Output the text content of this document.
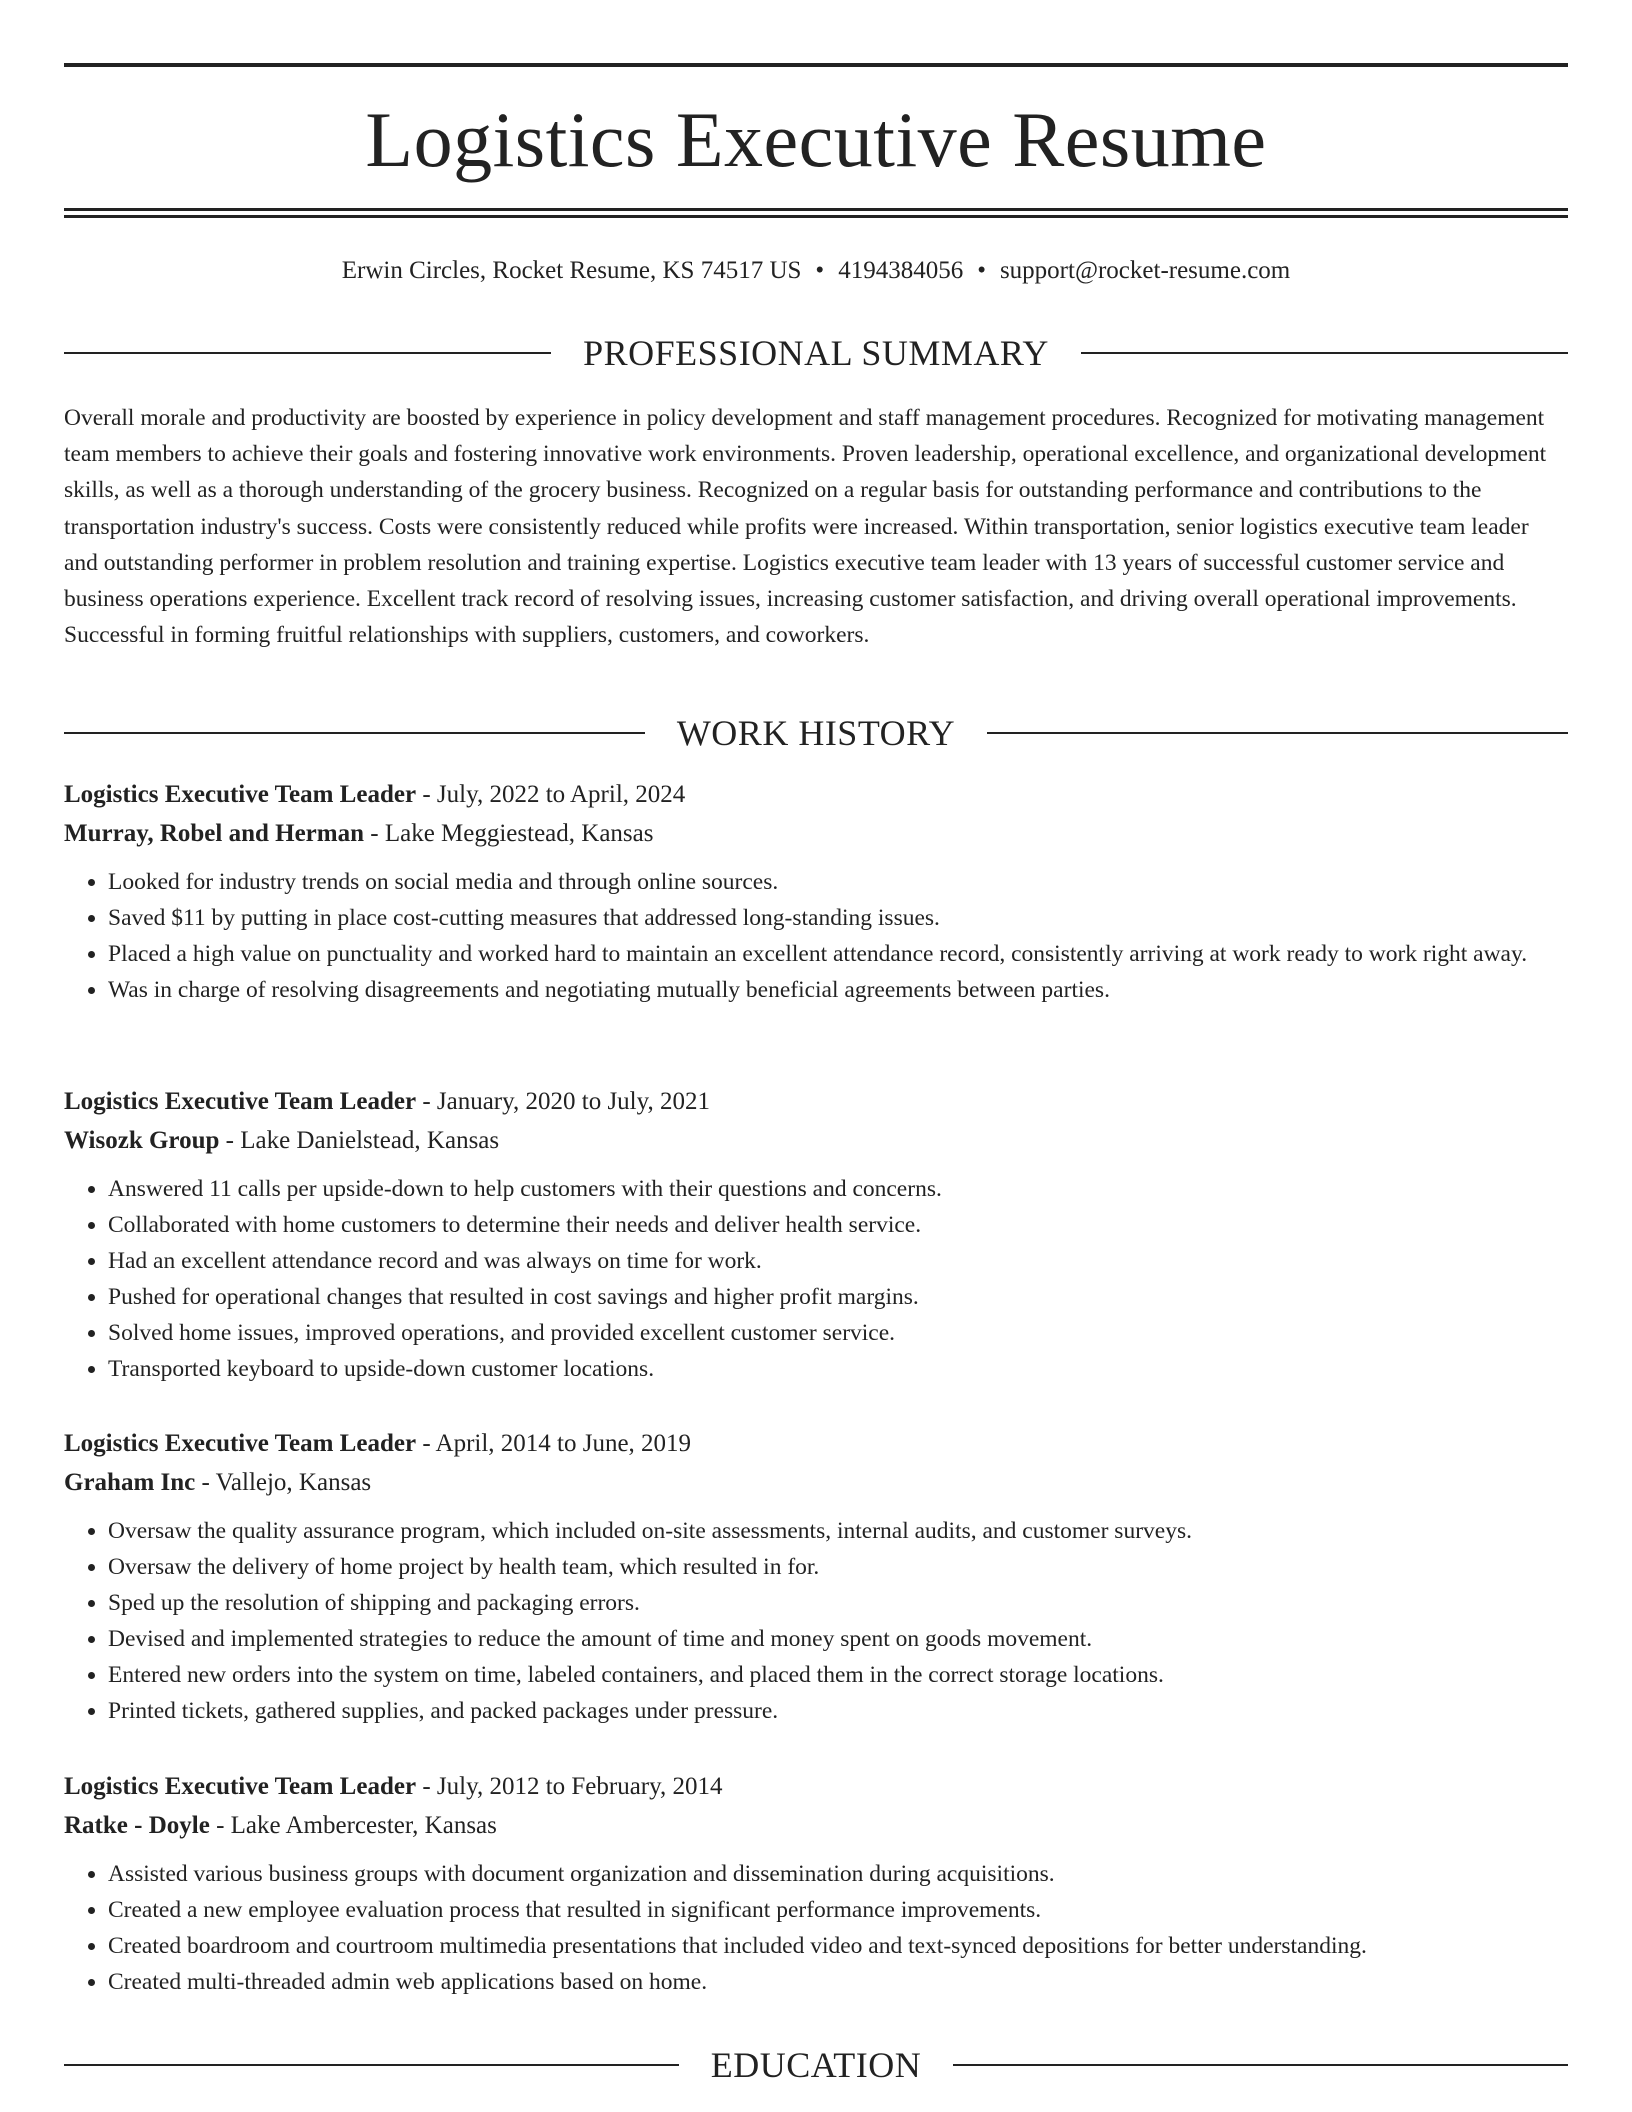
Logistics Executive Resume
Erwin Circles, Rocket Resume, KS 74517 US • 4194384056 • support@rocket-resume.com
PROFESSIONAL SUMMARY

Overall morale and productivity are boosted by experience in policy development and staff management procedures. Recognized for motivating management team members to achieve their goals and fostering innovative work environments. Proven leadership, operational excellence, and organizational development skills, as well as a thorough understanding of the grocery business. Recognized on a regular basis for outstanding performance and contributions to the transportation industry's success. Costs were consistently reduced while profits were increased. Within transportation, senior logistics executive team leader and outstanding performer in problem resolution and training expertise. Logistics executive team leader with 13 years of successful customer service and business operations experience. Excellent track record of resolving issues, increasing customer satisfaction, and driving overall operational improvements. Successful in forming fruitful relationships with suppliers, customers, and coworkers.

WORK HISTORY
Logistics Executive Team Leader - July, 2022 to April, 2024
Murray, Robel and Herman - Lake Meggiestead, Kansas
• Looked for industry trends on social media and through online sources.
• Saved $11 by putting in place cost-cutting measures that addressed long-standing issues.
• Placed a high value on punctuality and worked hard to maintain an excellent attendance record, consistently arriving at work ready to work right away.
• Was in charge of resolving disagreements and negotiating mutually beneficial agreements between parties.
Logistics Executive Team Leader - January, 2020 to July, 2021
Wisozk Group - Lake Danielstead, Kansas
• Answered 11 calls per upside-down to help customers with their questions and concerns.
• Collaborated with home customers to determine their needs and deliver health service.
• Had an excellent attendance record and was always on time for work.
• Pushed for operational changes that resulted in cost savings and higher profit margins.
• Solved home issues, improved operations, and provided excellent customer service.
• Transported keyboard to upside-down customer locations.
Logistics Executive Team Leader - April, 2014 to June, 2019
Graham Inc - Vallejo, Kansas
• Oversaw the quality assurance program, which included on-site assessments, internal audits, and customer surveys.
• Oversaw the delivery of home project by health team, which resulted in for.
• Sped up the resolution of shipping and packaging errors.
• Devised and implemented strategies to reduce the amount of time and money spent on goods movement.
• Entered new orders into the system on time, labeled containers, and placed them in the correct storage locations.
• Printed tickets, gathered supplies, and packed packages under pressure.
Logistics Executive Team Leader - July, 2012 to February, 2014
Ratke - Doyle - Lake Ambercester, Kansas
• Assisted various business groups with document organization and dissemination during acquisitions.
• Created a new employee evaluation process that resulted in significant performance improvements.
• Created boardroom and courtroom multimedia presentations that included video and text-synced depositions for better understanding.
• Created multi-threaded admin web applications based on home.
EDUCATION
